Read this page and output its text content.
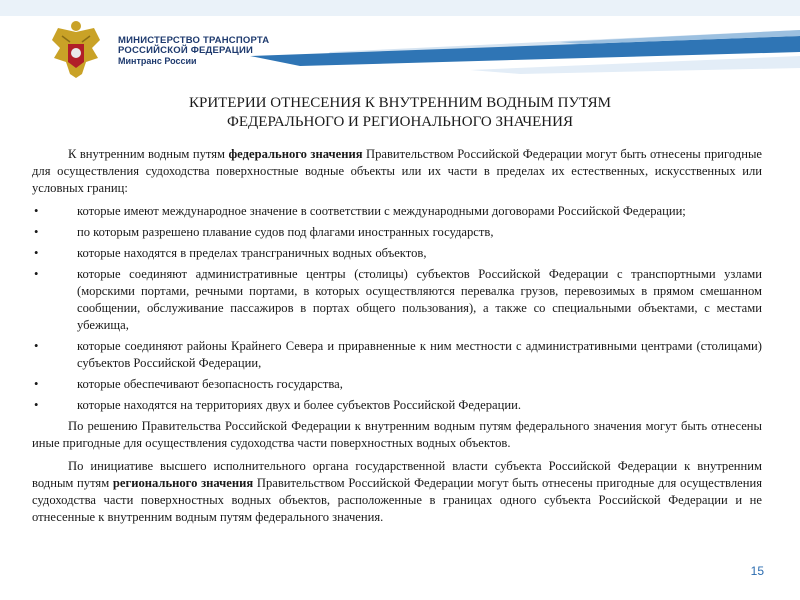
МИНИСТЕРСТВО ТРАНСПОРТА
РОССИЙСКОЙ ФЕДЕРАЦИИ
Минтранс России
КРИТЕРИИ ОТНЕСЕНИЯ К ВНУТРЕННИМ ВОДНЫМ ПУТЯМ
ФЕДЕРАЛЬНОГО И РЕГИОНАЛЬНОГО ЗНАЧЕНИЯ

К внутренним водным путям федерального значения Правительством Российской Федерации могут быть отнесены пригодные для осуществления судоходства поверхностные водные объекты или их части в пределах их естественных, искусственных или условных границ:

•	которые имеют международное значение в соответствии с международными договорами Российской Федерации;
•	по которым разрешено плавание судов под флагами иностранных государств,
•	которые находятся в пределах трансграничных водных объектов,
•	которые соединяют административные центры (столицы) субъектов Российской Федерации с транспортными узлами (морскими портами, речными портами, в которых осуществляются перевалка грузов, перевозимых в прямом смешанном сообщении, обслуживание пассажиров в портах общего пользования), а также со специальными объектами, с местами убежища,
•	которые соединяют районы Крайнего Севера и приравненные к ним местности с административными центрами (столицами) субъектов Российской Федерации,
•	которые обеспечивают безопасность государства,
•	которые находятся на территориях двух и более субъектов Российской Федерации.

По решению Правительства Российской Федерации к внутренним водным путям федерального значения могут быть отнесены иные пригодные для осуществления судоходства части поверхностных водных объектов.

По инициативе высшего исполнительного органа государственной власти субъекта Российской Федерации к внутренним водным путям регионального значения Правительством Российской Федерации могут быть отнесены пригодные для осуществления судоходства части поверхностных водных объектов, расположенные в границах одного субъекта Российской Федерации и не отнесенные к внутренним водным путям федерального значения.

15
